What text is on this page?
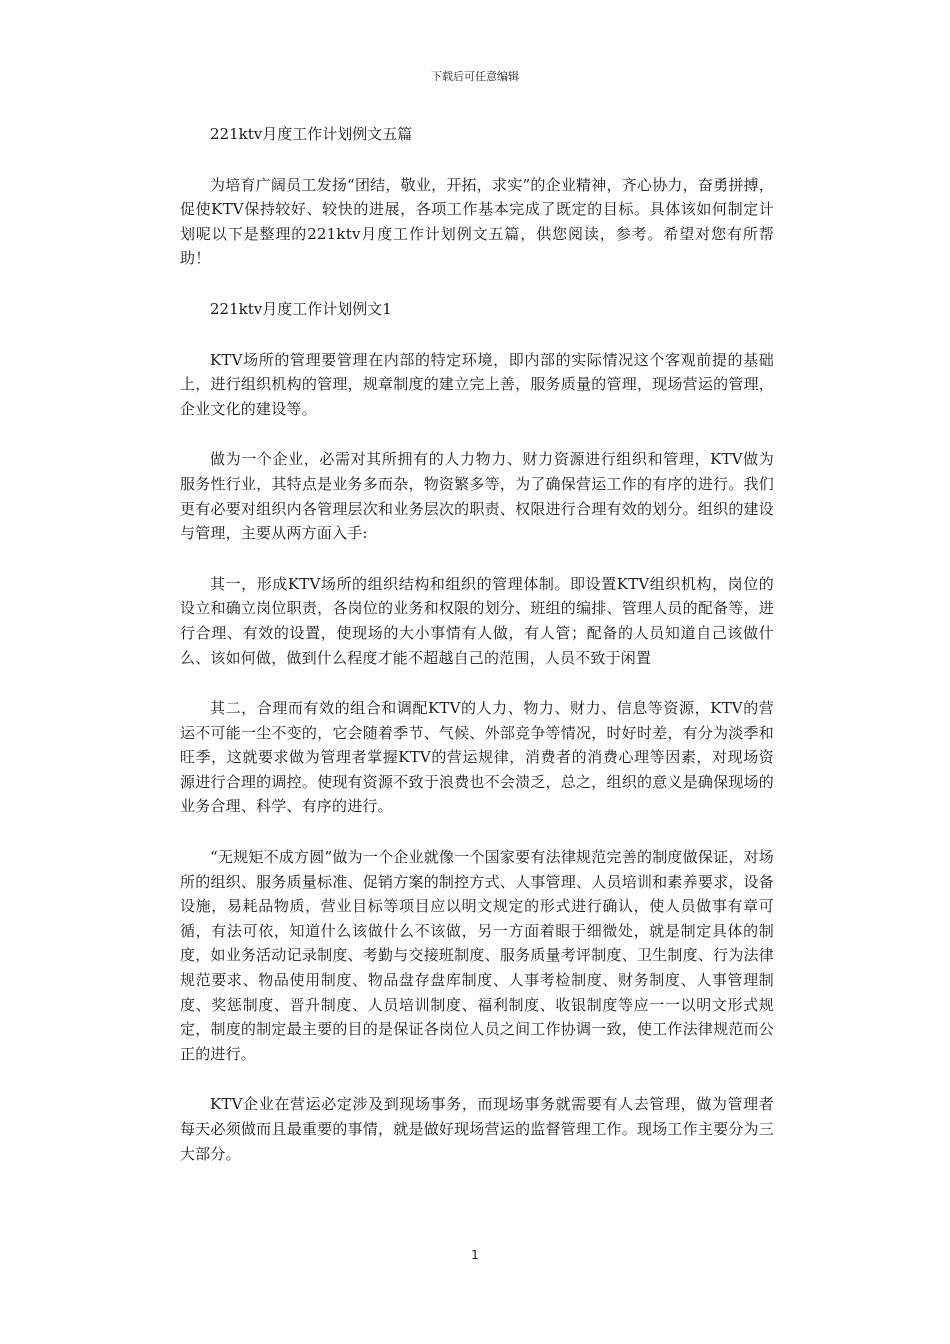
下载后可任意编辑

221ktv月度工作计划例文五篇

为培育广阔员工发扬“团结，敬业，开拓，求实”的企业精神，齐心协力，奋勇拼搏，促使KTV保持较好、较快的进展，各项工作基本完成了既定的目标。具体该如何制定计划呢以下是整理的221ktv月度工作计划例文五篇，供您阅读，参考。希望对您有所帮助！

221ktv月度工作计划例文1

KTV场所的管理要管理在内部的特定环境，即内部的实际情况这个客观前提的基础上，进行组织机构的管理，规章制度的建立完上善，服务质量的管理，现场营运的管理，企业文化的建设等。

做为一个企业，必需对其所拥有的人力物力、财力资源进行组织和管理，KTV做为服务性行业，其特点是业务多而杂，物资繁多等，为了确保营运工作的有序的进行。我们更有必要对组织内各管理层次和业务层次的职责、权限进行合理有效的划分。组织的建设与管理，主要从两方面入手:

其一，形成KTV场所的组织结构和组织的管理体制。即设置KTV组织机构，岗位的设立和确立岗位职责，各岗位的业务和权限的划分、班组的编排、管理人员的配备等，进行合理、有效的设置，使现场的大小事情有人做，有人管；配备的人员知道自己该做什么、该如何做，做到什么程度才能不超越自己的范围，人员不致于闲置

其二，合理而有效的组合和调配KTV的人力、物力、财力、信息等资源，KTV的营运不可能一尘不变的，它会随着季节、气候、外部竞争等情况，时好时差，有分为淡季和旺季，这就要求做为管理者掌握KTV的营运规律，消费者的消费心理等因素，对现场资源进行合理的调控。使现有资源不致于浪费也不会溃乏，总之，组织的意义是确保现场的业务合理、科学、有序的进行。

“无规矩不成方圆”做为一个企业就像一个国家要有法律规范完善的制度做保证，对场所的组织、服务质量标准、促销方案的制控方式、人事管理、人员培训和素养要求，设备设施，易耗品物质，营业目标等项目应以明文规定的形式进行确认，使人员做事有章可循，有法可依，知道什么该做什么不该做，另一方面着眼于细微处，就是制定具体的制度，如业务活动记录制度、考勤与交接班制度、服务质量考评制度、卫生制度、行为法律规范要求、物品使用制度、物品盘存盘库制度、人事考检制度、财务制度、人事管理制度、奖惩制度、晋升制度、人员培训制度、福利制度、收银制度等应一一以明文形式规定，制度的制定最主要的目的是保证各岗位人员之间工作协调一致，使工作法律规范而公正的进行。

KTV企业在营运必定涉及到现场事务，而现场事务就需要有人去管理，做为管理者每天必须做而且最重要的事情，就是做好现场营运的监督管理工作。现场工作主要分为三大部分。

1
